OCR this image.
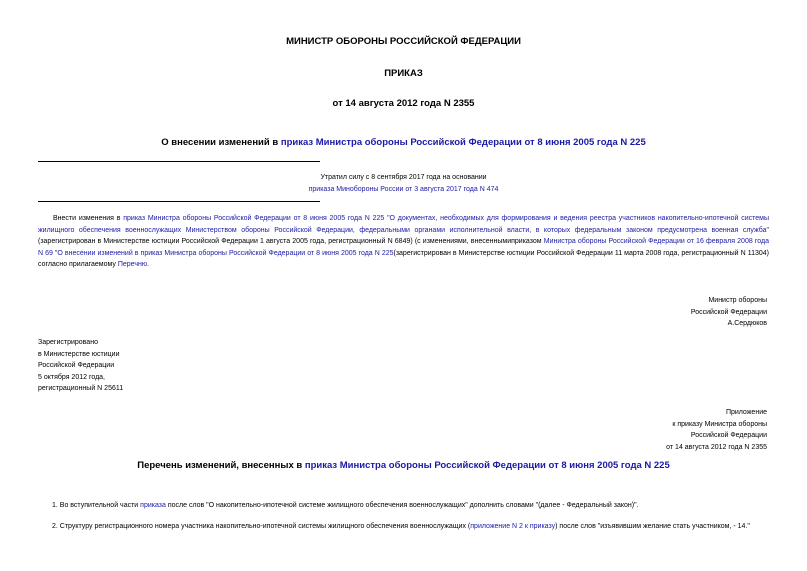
МИНИСТР ОБОРОНЫ РОССИЙСКОЙ ФЕДЕРАЦИИ
ПРИКАЗ
от 14 августа 2012 года N 2355
О внесении изменений в приказ Министра обороны Российской Федерации от 8 июня 2005 года N 225
Утратил силу с 8 сентября 2017 года на основании
приказа Минобороны России от 3 августа 2017 года N 474
Внести изменения в приказ Министра обороны Российской Федерации от 8 июня 2005 года N 225 "О документах, необходимых для формирования и ведения реестра участников накопительно-ипотечной системы жилищного обеспечения военнослужащих Министерством обороны Российской Федерации, федеральными органами исполнительной власти, в которых федеральным законом предусмотрена военная служба" (зарегистрирован в Министерстве юстиции Российской Федерации 1 августа 2005 года, регистрационный N 6849) (с изменениями, внесеннымиприказом Министра обороны Российской Федерации от 16 февраля 2008 года N 69 "О внесении изменений в приказ Министра обороны Российской Федерации от 8 июня 2005 года N 225(зарегистрирован в Министерстве юстиции Российской Федерации 11 марта 2008 года, регистрационный N 11304) согласно прилагаемому Перечню.
Министр обороны
Российской Федерации
А.Сердюков
Зарегистрировано
в Министерстве юстиции
Российской Федерации
5 октября 2012 года,
регистрационный N 25611
Приложение
к приказу Министра обороны
Российской Федерации
от 14 августа 2012 года N 2355
Перечень изменений, внесенных в приказ Министра обороны Российской Федерации от 8 июня 2005 года N 225
1. Во вступительной части приказа после слов "О накопительно-ипотечной системе жилищного обеспечения военнослужащих" дополнить словами "(далее - Федеральный закон)".
2. Структуру регистрационного номера участника накопительно-ипотечной системы жилищного обеспечения военнослужащих (приложение N 2 к приказу) после слов "изъявившим желание стать участником, - 14."
